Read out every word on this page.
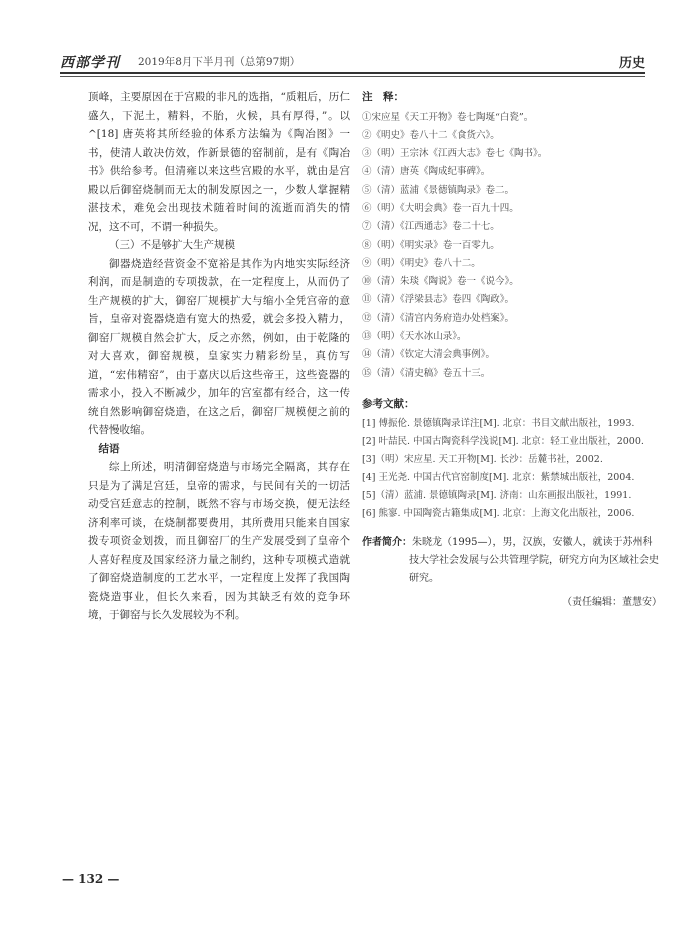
西部学刊 2019年8月下半月刊（总第97期）	历史

顶峰，主要原因在于宫殿的非凡的选指，“质粗后，历仁盛久，下泥土，精料，不胎，火候，具有厚得，”。以^[18] 唐英将其所经验的体系方法编为《陶冶图》一书，使清人敢决仿效，作新景德的窑制前，是有《陶冶书》供给参考。但清雍以来这些宫殿的水平，就由是宫殿以后御窑烧制而无太的制发原因之一，少数人掌握精湛技术，难免会出现技术随着时间的流逝而消失的情况，这不可，不谓一种损失。

（三）不是够扩大生产规模

御器烧造经营资金不宽裕是其作为内地实实际经济利润，而是制造的专项拨款，在一定程度上，从而仍了生产规模的扩大，御窑厂规模扩大与缩小全凭宫帝的意旨，皇帝对瓷器烧造有宽大的热爱，就会多投入精力，御窑厂规模自然会扩大，反之亦然，例如，由于乾隆的对大喜欢，御窑规模，皇家实力精彩纷呈，真仿写道，“宏伟精窑”，由于嘉庆以后这些帝王，这些瓷器的需求小，投入不断减少，加年的宫室都有经合，这一传统自然影响御窑烧造，在这之后，御窑厂规模便之前的代替慢收缩。

结语

综上所述，明清御窑烧造与市场完全隔离，其存在只是为了满足宫廷，皇帝的需求，与民间有关的一切活动受宫廷意志的控制，既然不容与市场交换，便无法经济利率可谈，在烧制都要费用，其所费用只能来自国家拨专项资金划拨，而且御窑厂的生产发展受到了皇帝个人喜好程度及国家经济力量之制约，这种专项模式造就了御窑烧造制度的工艺水平，一定程度上发挥了我国陶瓷烧造事业，但长久来看，因为其缺乏有效的竞争环境，于御窑与长久发展较为不利。

注　释：

①宋应星《天工开物》卷七陶埏“白瓷”。
②《明史》卷八十二《食货六》。
③（明）王宗沐《江西大志》卷七《陶书》。
④（清）唐英《陶成纪事碑》。
⑤（清）蓝浦《景德镇陶录》卷二。
⑥（明）《大明会典》卷一百九十四。
⑦（清）《江西通志》卷二十七。
⑧（明）《明实录》卷一百零九。
⑨（明）《明史》卷八十二。
⑩（清）朱琰《陶说》卷一《说今》。
⑪（清）《浮梁县志》卷四《陶政》。
⑫（清）《清宫内务府造办处档案》。
⑬（明）《天水冰山录》。
⑭（清）《钦定大清会典事例》。
⑮（清）《清史稿》卷五十三。

参考文献：

[1] 傅振伦. 景德镇陶录详注[M]. 北京：书目文献出版社，1993.
[2] 叶喆民. 中国古陶瓷科学浅说[M]. 北京：轻工业出版社，2000.
[3]（明）宋应星. 天工开物[M]. 长沙：岳麓书社，2002.
[4] 王光尧. 中国古代官窑制度[M]. 北京：紫禁城出版社，2004.
[5]（清）蓝浦. 景德镇陶录[M]. 济南：山东画报出版社，1991.
[6] 熊寥. 中国陶瓷古籍集成[M]. 北京：上海文化出版社，2006.

作者简介：朱晓龙（1995—），男，汉族，安徽人，就读于苏州科技大学社会发展与公共管理学院，研究方向为区域社会史研究。

（责任编辑：董慧安）

— 132 —
